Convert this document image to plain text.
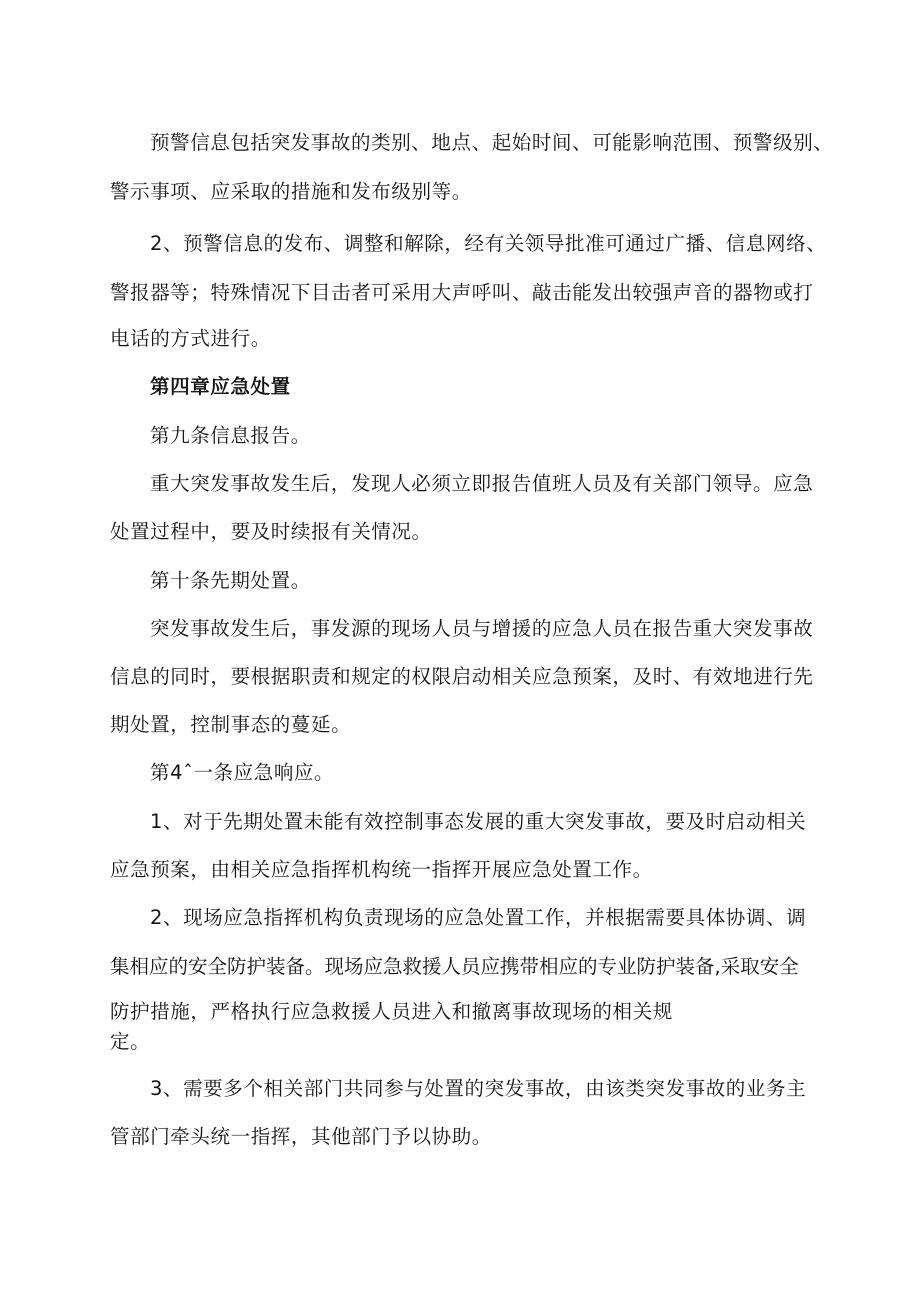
预警信息包括突发事故的类别、地点、起始时间、可能影响范围、预警级别、
警示事项、应采取的措施和发布级别等。
2、预警信息的发布、调整和解除，经有关领导批准可通过广播、信息网络、
警报器等；特殊情况下目击者可采用大声呼叫、敲击能发出较强声音的器物或打
电话的方式进行。
第四章应急处置
第九条信息报告。
重大突发事故发生后，发现人必须立即报告值班人员及有关部门领导。应急
处置过程中，要及时续报有关情况。
第十条先期处置。
突发事故发生后，事发源的现场人员与增援的应急人员在报告重大突发事故
信息的同时，要根据职责和规定的权限启动相关应急预案，及时、有效地进行先
期处置，控制事态的蔓延。
第4ˆ一条应急响应。
1、对于先期处置未能有效控制事态发展的重大突发事故，要及时启动相关
应急预案，由相关应急指挥机构统一指挥开展应急处置工作。
2、现场应急指挥机构负责现场的应急处置工作，并根据需要具体协调、调
集相应的安全防护装备。现场应急救援人员应携带相应的专业防护装备,采取安全
防护措施，严格执行应急救援人员进入和撤离事故现场的相关规
定。
3、需要多个相关部门共同参与处置的突发事故，由该类突发事故的业务主
管部门牵头统一指挥，其他部门予以协助。
